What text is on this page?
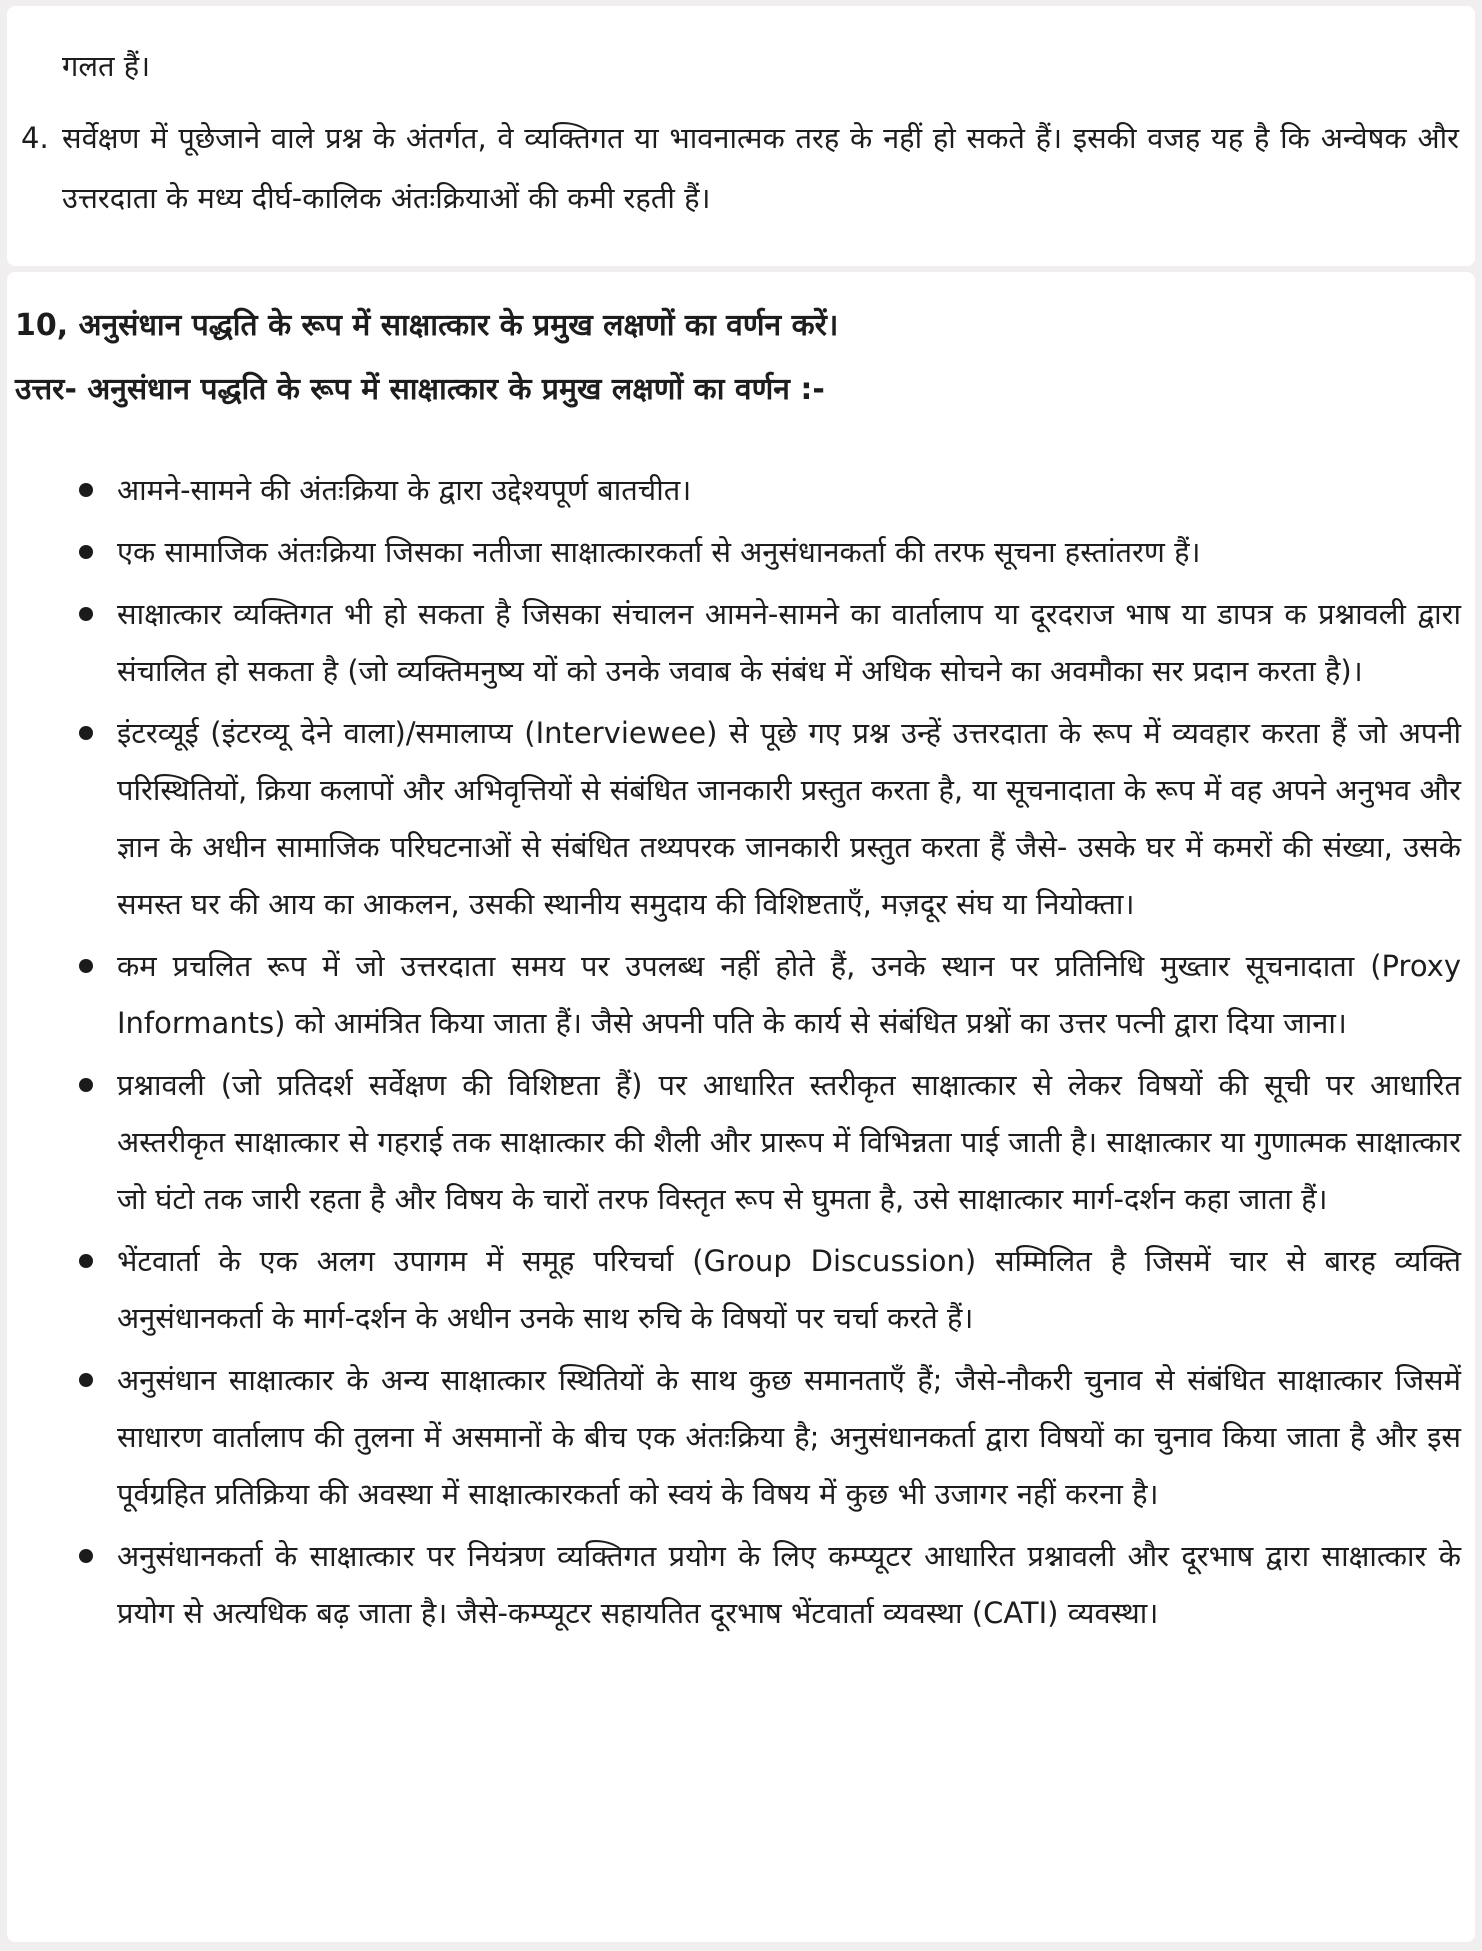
गलत हैं।

4. सर्वेक्षण में पूछेजाने वाले प्रश्न के अंतर्गत, वे व्यक्तिगत या भावनात्मक तरह के नहीं हो सकते हैं। इसकी वजह यह है कि अन्वेषक और उत्तरदाता के मध्य दीर्घ-कालिक अंतःक्रियाओं की कमी रहती हैं।
10, अनुसंधान पद्धति के रूप में साक्षात्कार के प्रमुख लक्षणों का वर्णन करें।
उत्तर- अनुसंधान पद्धति के रूप में साक्षात्कार के प्रमुख लक्षणों का वर्णन :-
आमने-सामने की अंतःक्रिया के द्वारा उद्देश्यपूर्ण बातचीत।
एक सामाजिक अंतःक्रिया जिसका नतीजा साक्षात्कारकर्ता से अनुसंधानकर्ता की तरफ सूचना हस्तांतरण हैं।
साक्षात्कार व्यक्तिगत भी हो सकता है जिसका संचालन आमने-सामने का वार्तालाप या दूरदराज भाष या डापत्र क प्रश्नावली द्वारा संचालित हो सकता है (जो व्यक्तिमनुष्य यों को उनके जवाब के संबंध में अधिक सोचने का अवमौका सर प्रदान करता है)।
इंटरव्यूई (इंटरव्यू देने वाला)/समालाप्य (Interviewee) से पूछे गए प्रश्न उन्हें उत्तरदाता के रूप में व्यवहार करता हैं जो अपनी परिस्थितियों, क्रिया कलापों और अभिवृत्तियों से संबंधित जानकारी प्रस्तुत करता है, या सूचनादाता के रूप में वह अपने अनुभव और ज्ञान के अधीन सामाजिक परिघटनाओं से संबंधित तथ्यपरक जानकारी प्रस्तुत करता हैं जैसे- उसके घर में कमरों की संख्या, उसके समस्त घर की आय का आकलन, उसकी स्थानीय समुदाय की विशिष्टताएँ, मज़दूर संघ या नियोक्ता।
कम प्रचलित रूप में जो उत्तरदाता समय पर उपलब्ध नहीं होते हैं, उनके स्थान पर प्रतिनिधि मुख्तार सूचनादाता (Proxy Informants) को आमंत्रित किया जाता हैं। जैसे अपनी पति के कार्य से संबंधित प्रश्नों का उत्तर पत्नी द्वारा दिया जाना।
प्रश्नावली (जो प्रतिदर्श सर्वेक्षण की विशिष्टता हैं) पर आधारित स्तरीकृत साक्षात्कार से लेकर विषयों की सूची पर आधारित अस्तरीकृत साक्षात्कार से गहराई तक साक्षात्कार की शैली और प्रारूप में विभिन्नता पाई जाती है। साक्षात्कार या गुणात्मक साक्षात्कार जो घंटो तक जारी रहता है और विषय के चारों तरफ विस्तृत रूप से घुमता है, उसे साक्षात्कार मार्ग-दर्शन कहा जाता हैं।
भेंटवार्ता के एक अलग उपागम में समूह परिचर्चा (Group Discussion) सम्मिलित है जिसमें चार से बारह व्यक्ति अनुसंधानकर्ता के मार्ग-दर्शन के अधीन उनके साथ रुचि के विषयों पर चर्चा करते हैं।
अनुसंधान साक्षात्कार के अन्य साक्षात्कार स्थितियों के साथ कुछ समानताएँ हैं; जैसे-नौकरी चुनाव से संबंधित साक्षात्कार जिसमें साधारण वार्तालाप की तुलना में असमानों के बीच एक अंतःक्रिया है; अनुसंधानकर्ता द्वारा विषयों का चुनाव किया जाता है और इस पूर्वग्रहित प्रतिक्रिया की अवस्था में साक्षात्कारकर्ता को स्वयं के विषय में कुछ भी उजागर नहीं करना है।
अनुसंधानकर्ता के साक्षात्कार पर नियंत्रण व्यक्तिगत प्रयोग के लिए कम्प्यूटर आधारित प्रश्नावली और दूरभाष द्वारा साक्षात्कार के प्रयोग से अत्यधिक बढ़ जाता है। जैसे-कम्प्यूटर सहायतित दूरभाष भेंटवार्ता व्यवस्था (CATI) व्यवस्था।
